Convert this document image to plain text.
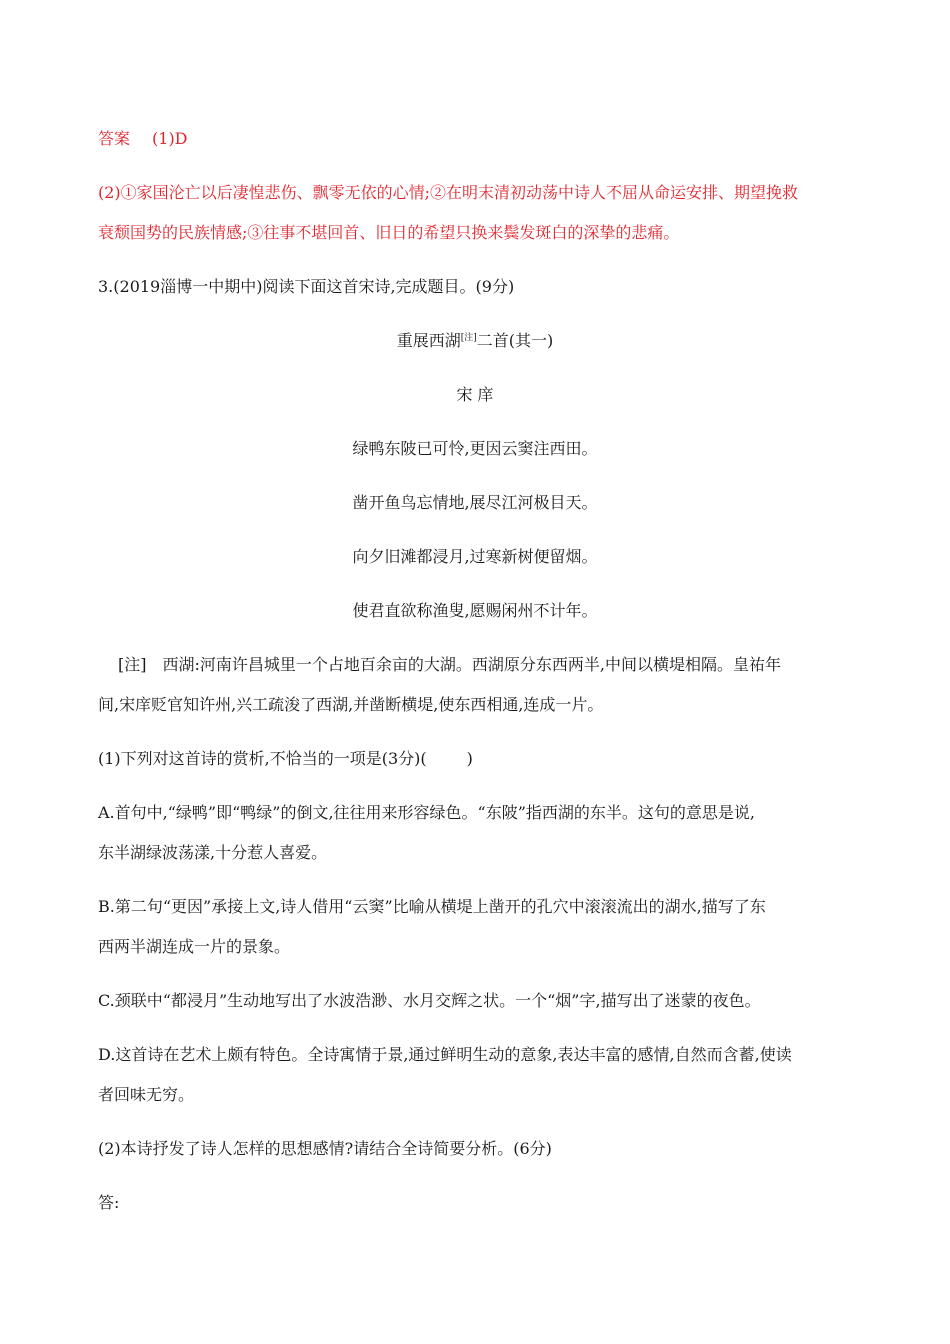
答案 (1)D
(2)①家国沦亡以后凄惶悲伤、飘零无依的心情;②在明末清初动荡中诗人不屈从命运安排、期望挽救
衰颓国势的民族情感;③往事不堪回首、旧日的希望只换来鬓发斑白的深挚的悲痛。
3.(2019淄博一中期中)阅读下面这首宋诗,完成题目。(9分)
重展西湖[注]二首(其一)
宋 庠
绿鸭东陂已可怜,更因云窦注西田。
凿开鱼鸟忘情地,展尽江河极目天。
向夕旧滩都浸月,过寒新树便留烟。
使君直欲称渔叟,愿赐闲州不计年。
[注]　西湖:河南许昌城里一个占地百余亩的大湖。西湖原分东西两半,中间以横堤相隔。皇祐年
间,宋庠贬官知许州,兴工疏浚了西湖,并凿断横堤,使东西相通,连成一片。
(1)下列对这首诗的赏析,不恰当的一项是(3分)(	)
A.首句中,“绿鸭”即“鸭绿”的倒文,往往用来形容绿色。“东陂”指西湖的东半。这句的意思是说,
东半湖绿波荡漾,十分惹人喜爱。
B.第二句“更因”承接上文,诗人借用“云窦”比喻从横堤上凿开的孔穴中滚滚流出的湖水,描写了东
西两半湖连成一片的景象。
C.颈联中“都浸月”生动地写出了水波浩渺、水月交辉之状。一个“烟”字,描写出了迷蒙的夜色。
D.这首诗在艺术上颇有特色。全诗寓情于景,通过鲜明生动的意象,表达丰富的感情,自然而含蓄,使读
者回味无穷。
(2)本诗抒发了诗人怎样的思想感情?请结合全诗简要分析。(6分)
答:
